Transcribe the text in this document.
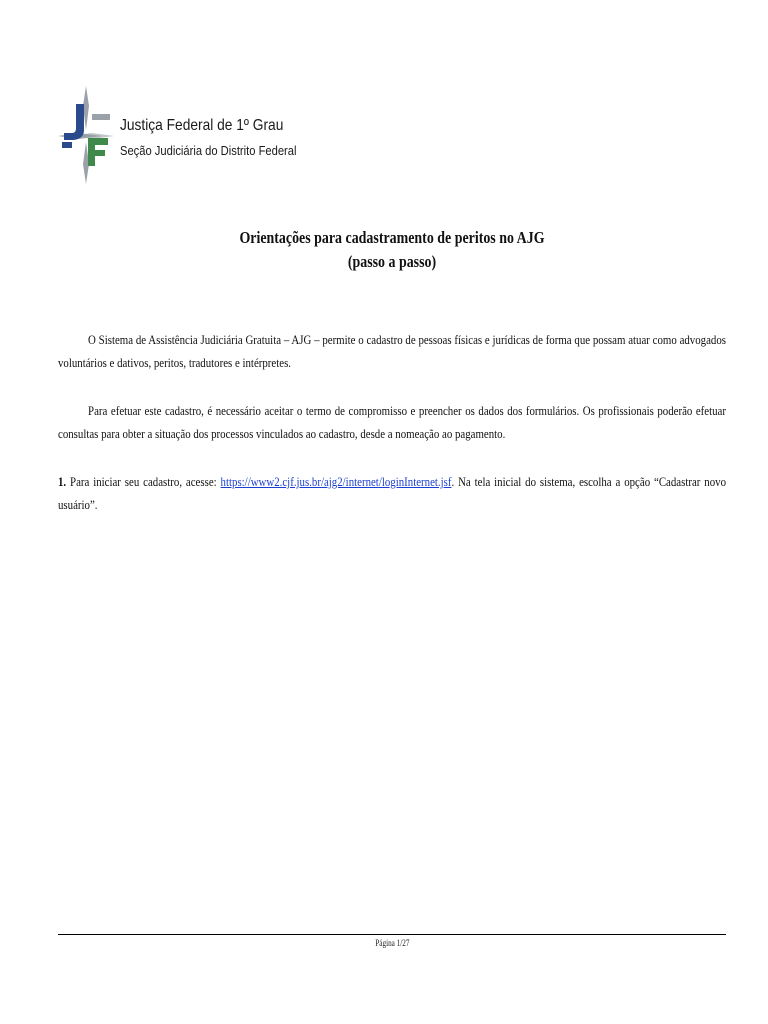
Justiça Federal de 1º Grau
Seção Judiciária do Distrito Federal
Orientações para cadastramento de peritos no AJG
(passo a passo)
O Sistema de Assistência Judiciária Gratuita – AJG – permite o cadastro de pessoas físicas e jurídicas de forma que possam atuar como advogados voluntários e dativos, peritos, tradutores e intérpretes.
Para efetuar este cadastro, é necessário aceitar o termo de compromisso e preencher os dados dos formulários. Os profissionais poderão efetuar consultas para obter a situação dos processos vinculados ao cadastro, desde a nomeação ao pagamento.
1. Para iniciar seu cadastro, acesse: https://www2.cjf.jus.br/ajg2/internet/loginInternet.jsf. Na tela inicial do sistema, escolha a opção “Cadastrar novo usuário”.
Página 1/27
